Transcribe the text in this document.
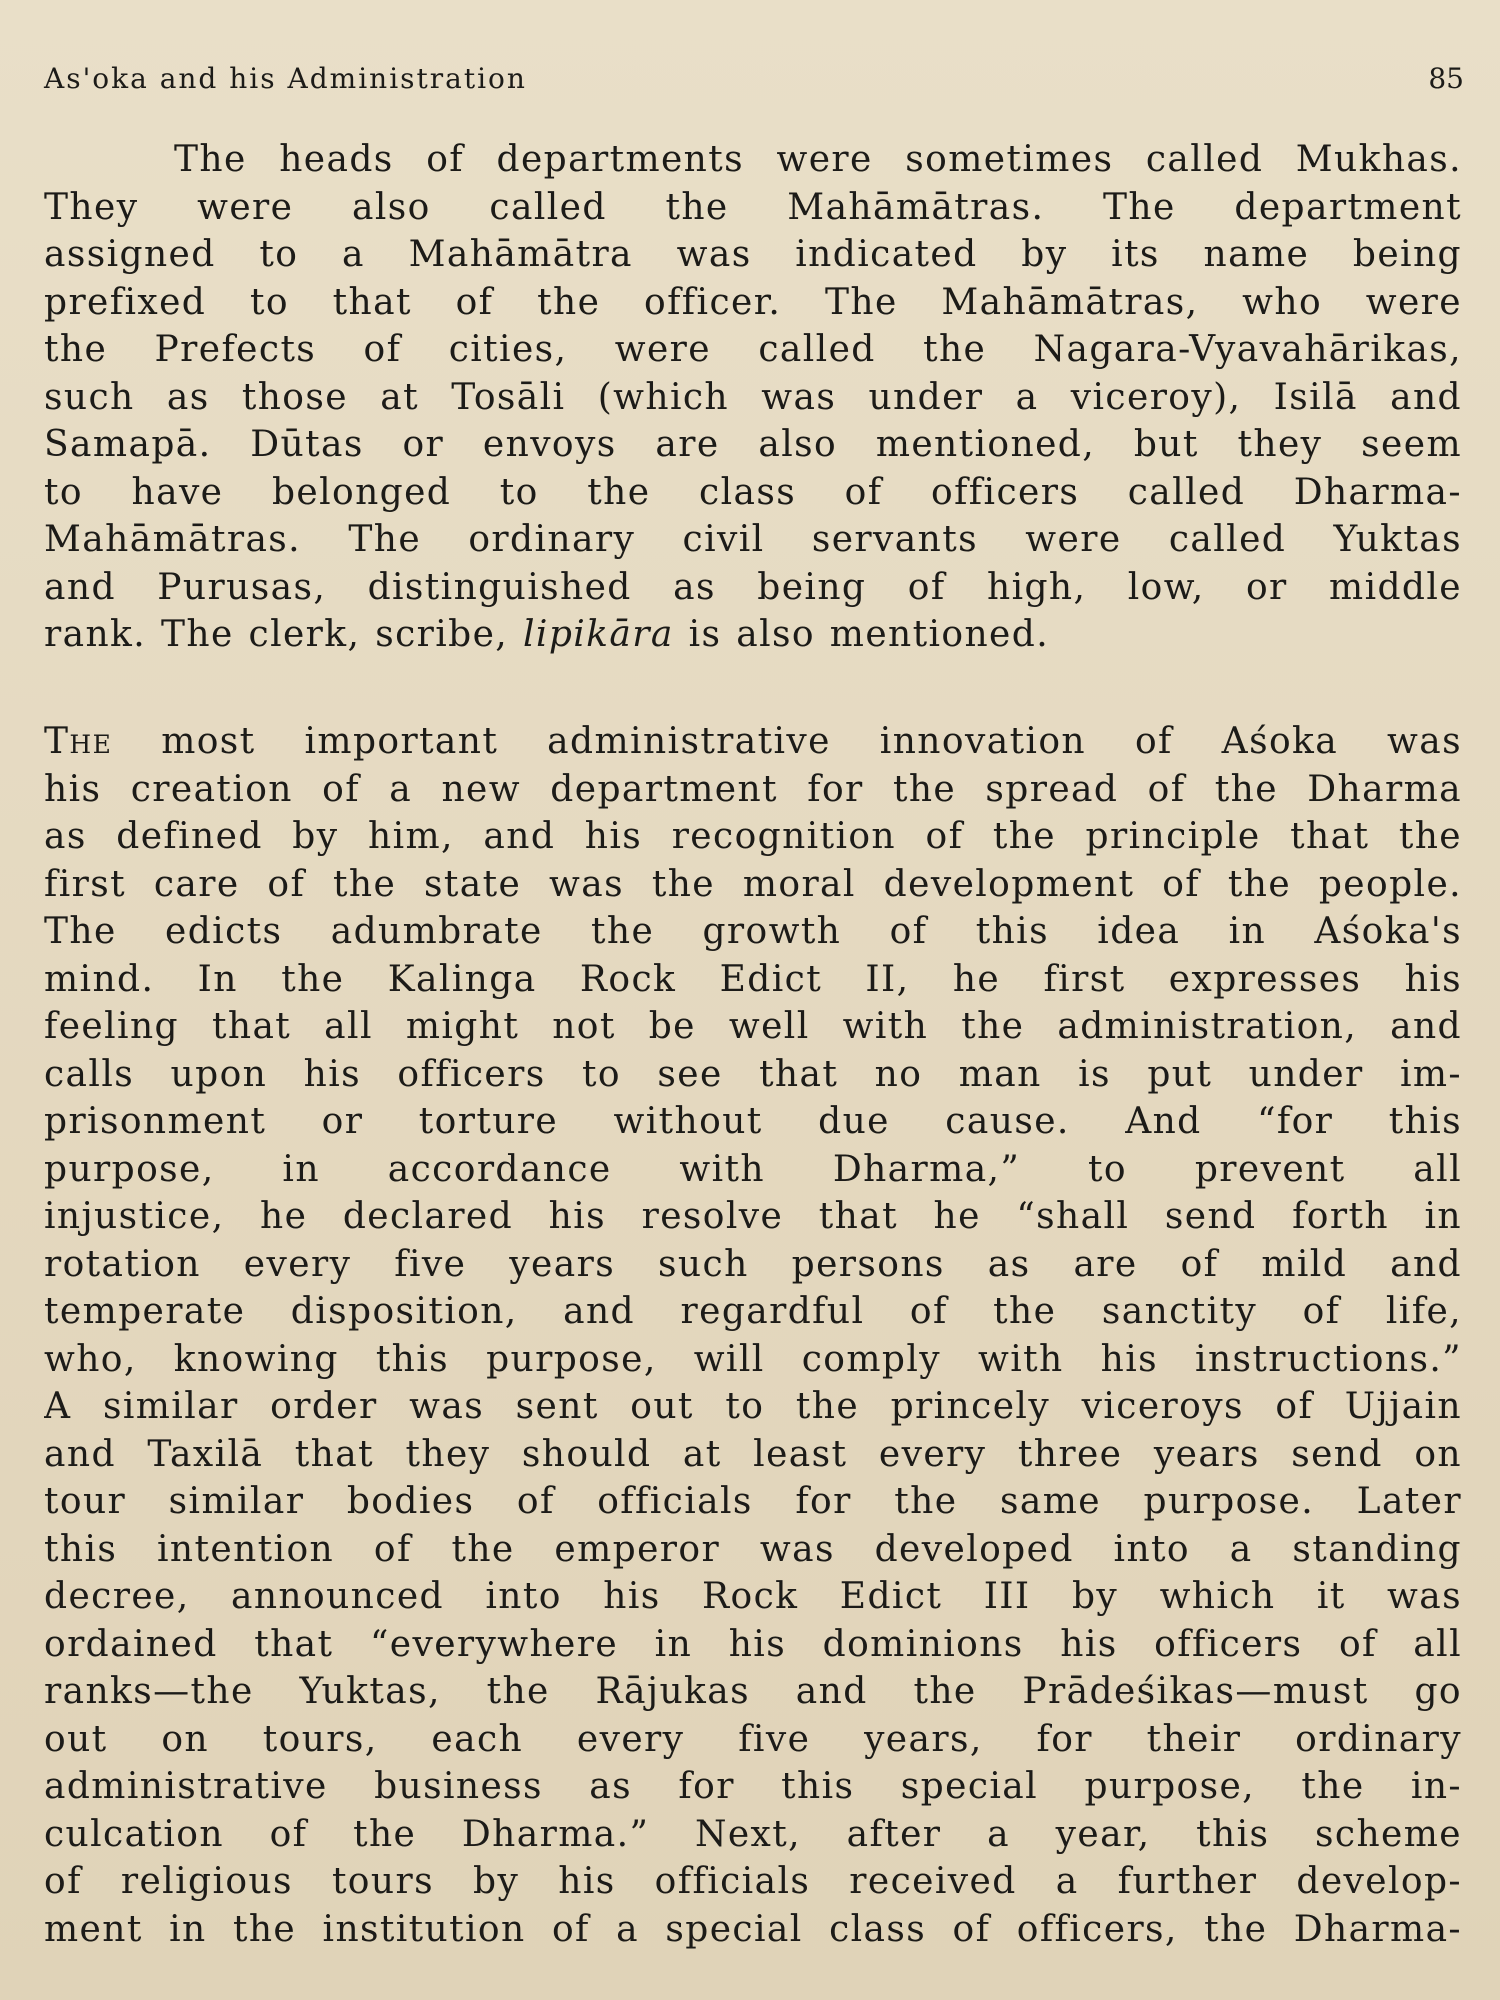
As'oka and his Administration	85
The heads of departments were sometimes called Mukhas.
They were also called the Mahāmātras. The department
assigned to a Mahāmātra was indicated by its name being
prefixed to that of the officer. The Mahāmātras, who were
the Prefects of cities, were called the Nagara-Vyavahārikas,
such as those at Tosāli (which was under a viceroy), Isilā and
Samapā. Dūtas or envoys are also mentioned, but they seem
to have belonged to the class of officers called Dharma-
Mahāmātras. The ordinary civil servants were called Yuktas
and Purusas, distinguished as being of high, low, or middle
rank. The clerk, scribe, lipikāra is also mentioned.
The most important administrative innovation of Aśoka was
his creation of a new department for the spread of the Dharma
as defined by him, and his recognition of the principle that the
first care of the state was the moral development of the people.
The edicts adumbrate the growth of this idea in Aśoka's
mind. In the Kalinga Rock Edict II, he first expresses his
feeling that all might not be well with the administration, and
calls upon his officers to see that no man is put under im-
prisonment or torture without due cause. And “for this
purpose, in accordance with Dharma,” to prevent all
injustice, he declared his resolve that he “shall send forth in
rotation every five years such persons as are of mild and
temperate disposition, and regardful of the sanctity of life,
who, knowing this purpose, will comply with his instructions.”
A similar order was sent out to the princely viceroys of Ujjain
and Taxilā that they should at least every three years send on
tour similar bodies of officials for the same purpose. Later
this intention of the emperor was developed into a standing
decree, announced into his Rock Edict III by which it was
ordained that “everywhere in his dominions his officers of all
ranks—the Yuktas, the Rājukas and the Prādeśikas—must go
out on tours, each every five years, for their ordinary
administrative business as for this special purpose, the in-
culcation of the Dharma.” Next, after a year, this scheme
of religious tours by his officials received a further develop-
ment in the institution of a special class of officers, the Dharma-
